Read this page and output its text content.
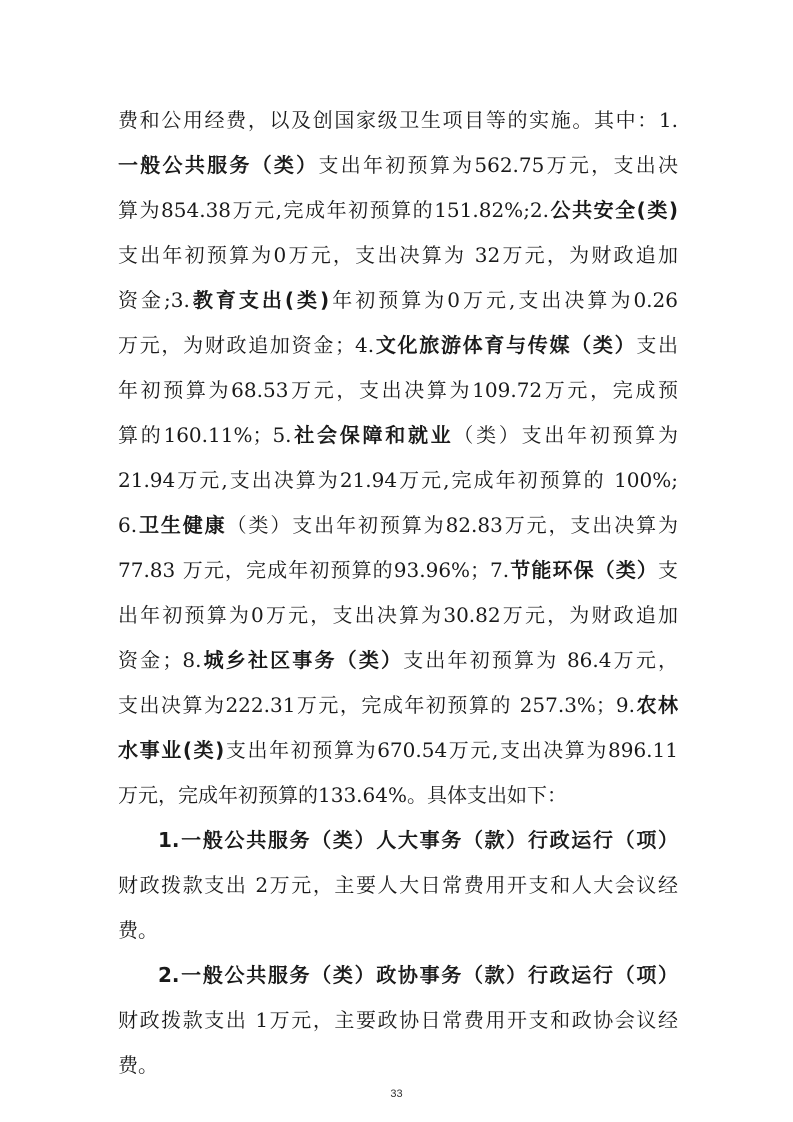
费和公用经费，以及创国家级卫生项目等的实施。其中：1.
一般公共服务（类）支出年初预算为562.75万元，支出决
算为854.38万元,完成年初预算的151.82%;2.公共安全(类)
支出年初预算为0万元，支出决算为 32万元，为财政追加
资金;3.教育支出(类)年初预算为0万元,支出决算为0.26
万元，为财政追加资金；4.文化旅游体育与传媒（类）支出
年初预算为68.53万元，支出决算为109.72万元，完成预
算的160.11%；5.社会保障和就业（类）支出年初预算为
21.94万元,支出决算为21.94万元,完成年初预算的 100%;
6.卫生健康（类）支出年初预算为82.83万元，支出决算为
77.83 万元，完成年初预算的93.96%；7.节能环保（类）支
出年初预算为0万元，支出决算为30.82万元，为财政追加
资金；8.城乡社区事务（类）支出年初预算为 86.4万元，
支出决算为222.31万元，完成年初预算的 257.3%；9.农林
水事业(类)支出年初预算为670.54万元,支出决算为896.11
万元，完成年初预算的133.64%。具体支出如下：
1.一般公共服务（类）人大事务（款）行政运行（项）
财政拨款支出 2万元，主要人大日常费用开支和人大会议经
费。
2.一般公共服务（类）政协事务（款）行政运行（项）
财政拨款支出 1万元，主要政协日常费用开支和政协会议经
费。
33
